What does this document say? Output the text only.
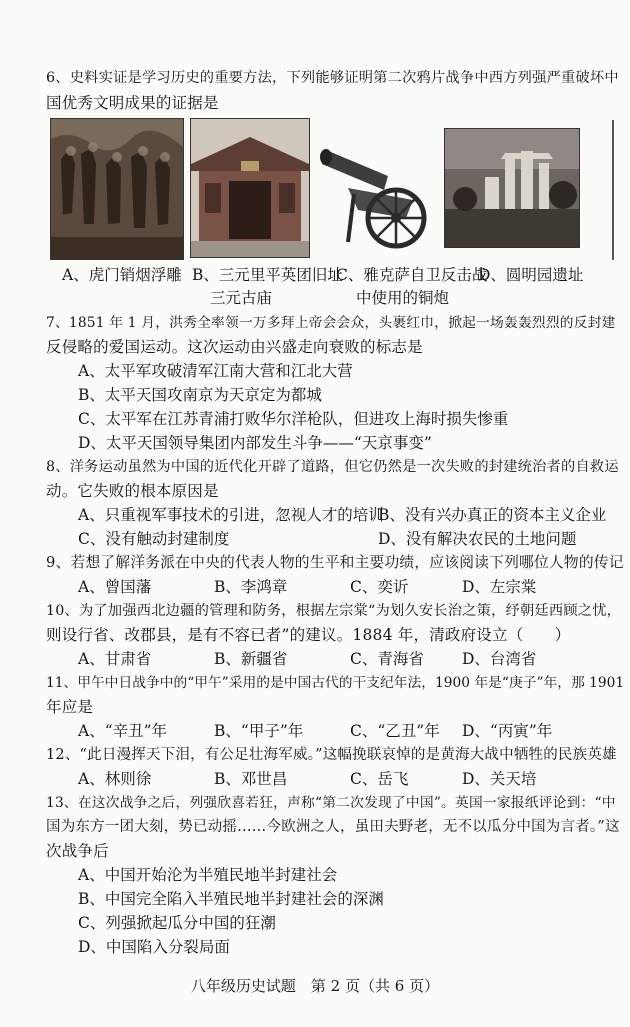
6、史料实证是学习历史的重要方法，下列能够证明第二次鸦片战争中西方列强严重破坏中
国优秀文明成果的证据是
A、虎门销烟浮雕 B、三元里平英团旧址
三元古庙
C、雅克萨自卫反击战
中使用的铜炮
D、圆明园遗址
7、1851 年 1 月，洪秀全率领一万多拜上帝会会众，头裹红巾，掀起一场轰轰烈烈的反封建
反侵略的爱国运动。这次运动由兴盛走向衰败的标志是
A、太平军攻破清军江南大营和江北大营
B、太平天国攻南京为天京定为都城
C、太平军在江苏青浦打败华尔洋枪队，但进攻上海时损失惨重
D、太平天国领导集团内部发生斗争——“天京事变”
8、洋务运动虽然为中国的近代化开辟了道路，但它仍然是一次失败的封建统治者的自救运
动。它失败的根本原因是
A、只重视军事技术的引进，忽视人才的培训
B、没有兴办真正的资本主义企业
C、没有触动封建制度	D、没有解决农民的土地问题
9、若想了解洋务派在中央的代表人物的生平和主要功绩，应该阅读下列哪位人物的传记
A、曾国藩	B、李鸿章	C、奕䜣	D、左宗棠
10、为了加强西北边疆的管理和防务，根据左宗棠“为划久安长治之策，纾朝廷西顾之忧，
则设行省、改郡县，是有不容已者”的建议。1884 年，清政府设立（　　）
A、甘肃省	B、新疆省	C、青海省 D、台湾省
11、甲午中日战争中的“甲午”采用的是中国古代的干支纪年法，1900 年是“庚子”年，那 1901
年应是
A、“辛丑”年	B、“甲子”年	C、“乙丑”年 D、“丙寅”年
12、“此日漫挥天下泪，有公足壮海军威。”这幅挽联哀悼的是黄海大战中牺牲的民族英雄
A、林则徐	B、邓世昌	C、岳飞	D、关天培
13、在这次战争之后，列强欣喜若狂，声称“第二次发现了中国”。英国一家报纸评论到：“中
国为东方一团大刻，势已动摇……今欧洲之人，虽田夫野老，无不以瓜分中国为言者。”这
次战争后
A、中国开始沦为半殖民地半封建社会
B、中国完全陷入半殖民地半封建社会的深渊
C、列强掀起瓜分中国的狂潮
D、中国陷入分裂局面
八年级历史试题　第 2 页（共 6 页）
